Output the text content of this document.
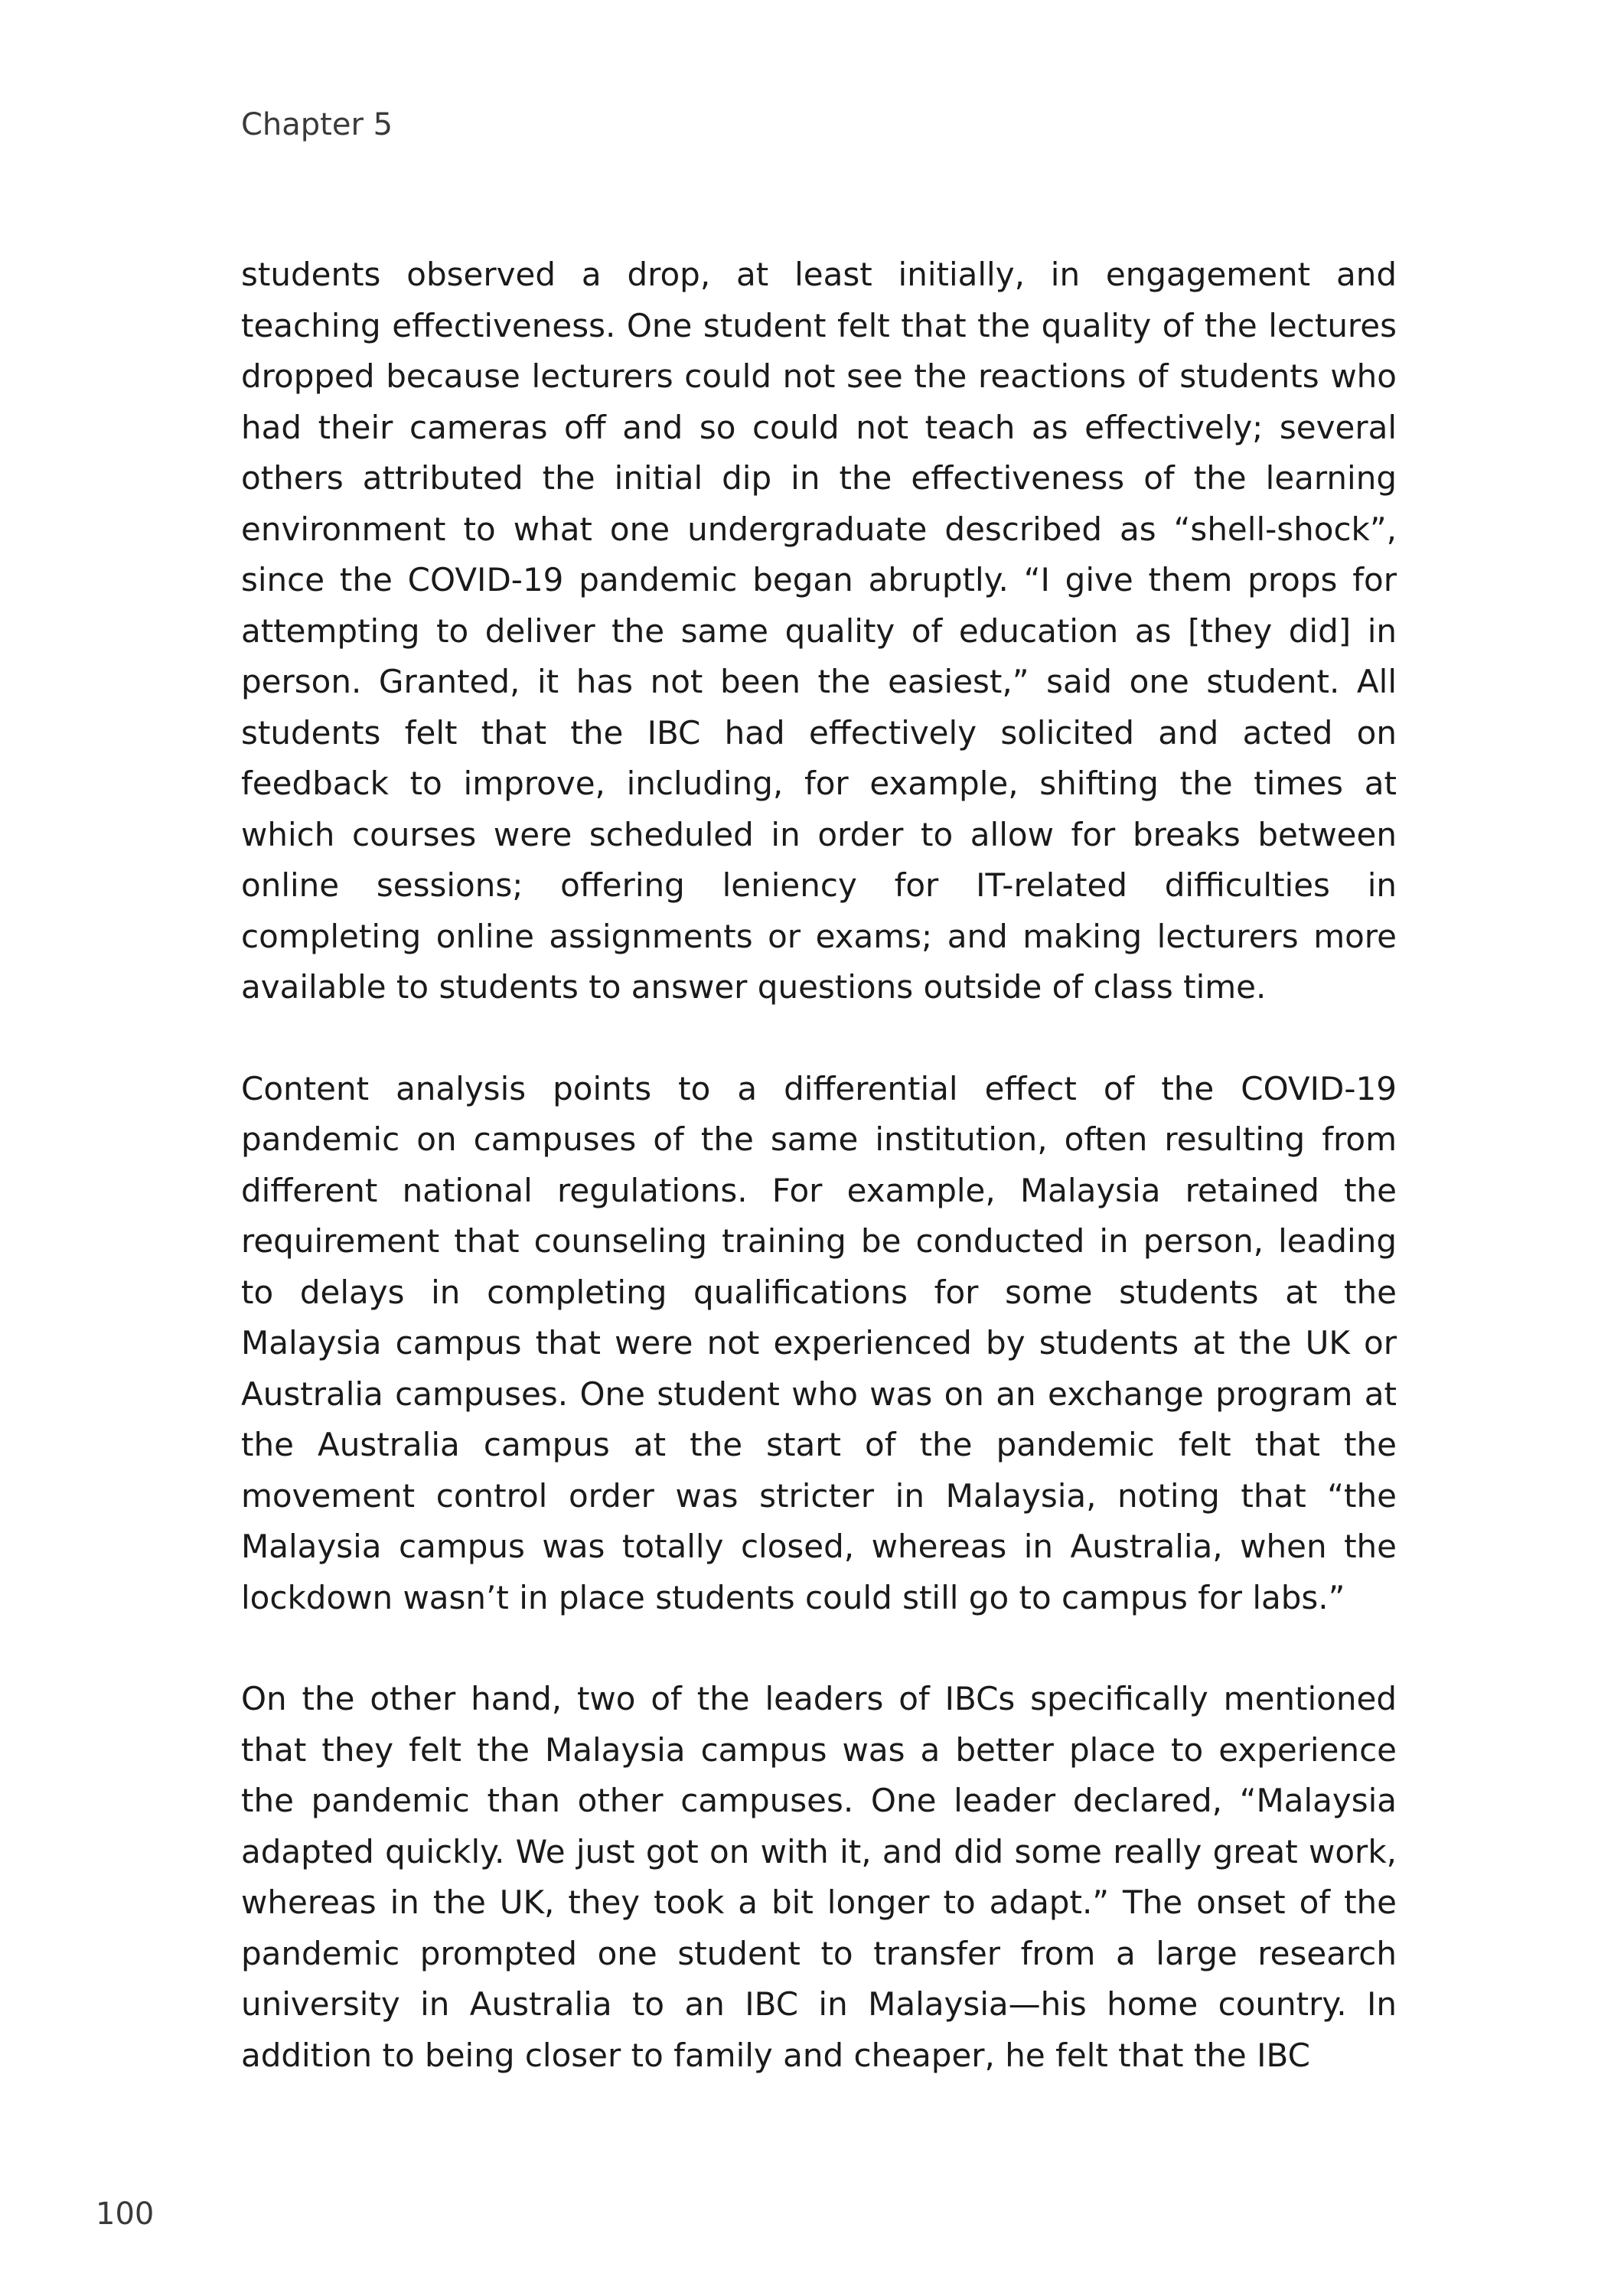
Chapter 5

students observed a drop, at least initially, in engagement and teaching effectiveness. One student felt that the quality of the lectures dropped because lecturers could not see the reactions of students who had their cameras off and so could not teach as effectively; several others attributed the initial dip in the effectiveness of the learning environment to what one undergraduate described as “shell-shock”, since the COVID-19 pandemic began abruptly. “I give them props for attempting to deliver the same quality of education as [they did] in person. Granted, it has not been the easiest,” said one student. All students felt that the IBC had effectively solicited and acted on feedback to improve, including, for example, shifting the times at which courses were scheduled in order to allow for breaks between online sessions; offering leniency for IT-related difficulties in completing online assignments or exams; and making lecturers more available to students to answer questions outside of class time.

Content analysis points to a differential effect of the COVID-19 pandemic on campuses of the same institution, often resulting from different national regulations. For example, Malaysia retained the requirement that counseling training be conducted in person, leading to delays in completing qualifications for some students at the Malaysia campus that were not experienced by students at the UK or Australia campuses. One student who was on an exchange program at the Australia campus at the start of the pandemic felt that the movement control order was stricter in Malaysia, noting that “the Malaysia campus was totally closed, whereas in Australia, when the lockdown wasn’t in place students could still go to campus for labs.”

On the other hand, two of the leaders of IBCs specifically mentioned that they felt the Malaysia campus was a better place to experience the pandemic than other campuses. One leader declared, “Malaysia adapted quickly. We just got on with it, and did some really great work, whereas in the UK, they took a bit longer to adapt.” The onset of the pandemic prompted one student to transfer from a large research university in Australia to an IBC in Malaysia—his home country. In addition to being closer to family and cheaper, he felt that the IBC

100
